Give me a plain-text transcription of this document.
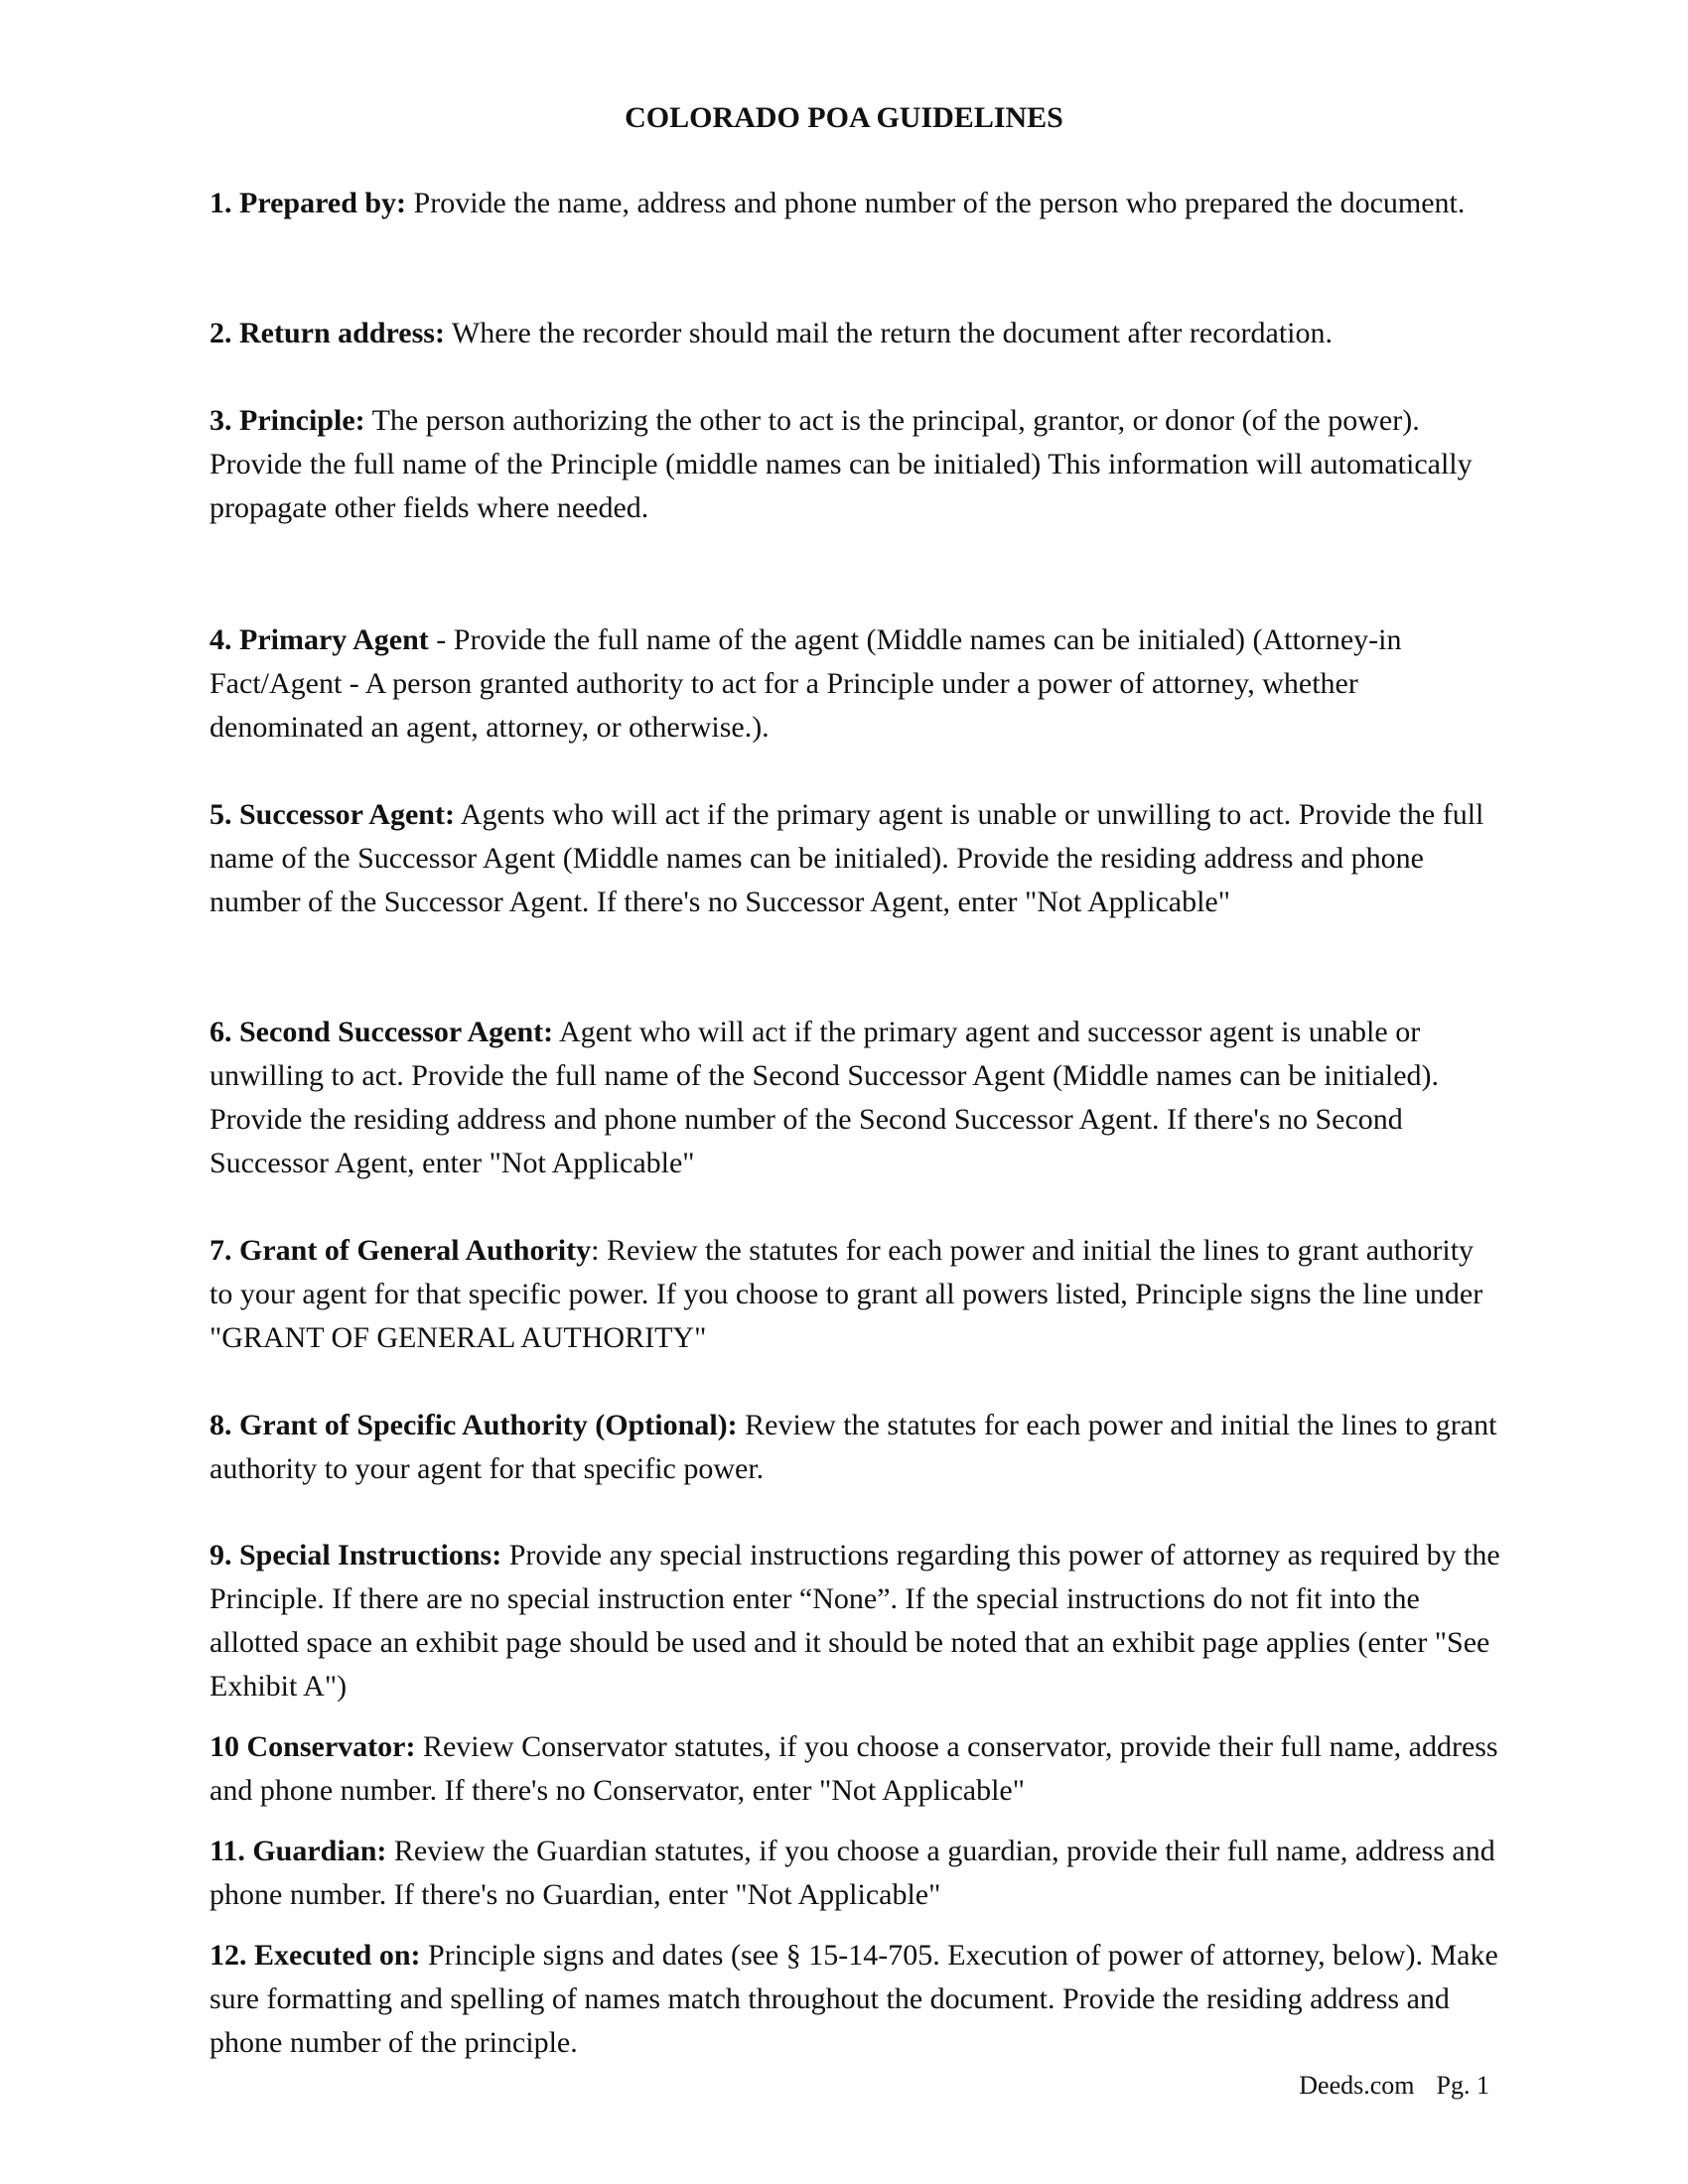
COLORADO POA GUIDELINES
1. Prepared by: Provide the name, address and phone number of the person who prepared the document.
2. Return address: Where the recorder should mail the return the document after recordation.
3. Principle: The person authorizing the other to act is the principal, grantor, or donor (of the power).
Provide the full name of the Principle (middle names can be initialed) This information will automatically propagate other fields where needed.
4. Primary Agent - Provide the full name of the agent (Middle names can be initialed) (Attorney-in Fact/Agent - A person granted authority to act for a Principle under a power of attorney, whether denominated an agent, attorney, or otherwise.).
5. Successor Agent: Agents who will act if the primary agent is unable or unwilling to act. Provide the full name of the Successor Agent (Middle names can be initialed). Provide the residing address and phone number of the Successor Agent. If there's no Successor Agent, enter "Not Applicable"
6. Second Successor Agent: Agent who will act if the primary agent and successor agent is unable or unwilling to act. Provide the full name of the Second Successor Agent (Middle names can be initialed). Provide the residing address and phone number of the Second Successor Agent. If there's no Second Successor Agent, enter "Not Applicable"
7. Grant of General Authority: Review the statutes for each power and initial the lines to grant authority to your agent for that specific power. If you choose to grant all powers listed, Principle signs the line under "GRANT OF GENERAL AUTHORITY"
8. Grant of Specific Authority (Optional): Review the statutes for each power and initial the lines to grant authority to your agent for that specific power.
9. Special Instructions: Provide any special instructions regarding this power of attorney as required by the Principle. If there are no special instruction enter “None”. If the special instructions do not fit into the allotted space an exhibit page should be used and it should be noted that an exhibit page applies (enter "See Exhibit A")
10 Conservator: Review Conservator statutes, if you choose a conservator, provide their full name, address and phone number. If there's no Conservator, enter "Not Applicable"
11. Guardian: Review the Guardian statutes, if you choose a guardian, provide their full name, address and phone number. If there's no Guardian, enter "Not Applicable"
12. Executed on: Principle signs and dates (see § 15-14-705. Execution of power of attorney, below). Make sure formatting and spelling of names match throughout the document. Provide the residing address and phone number of the principle.
Deeds.com Pg. 1
